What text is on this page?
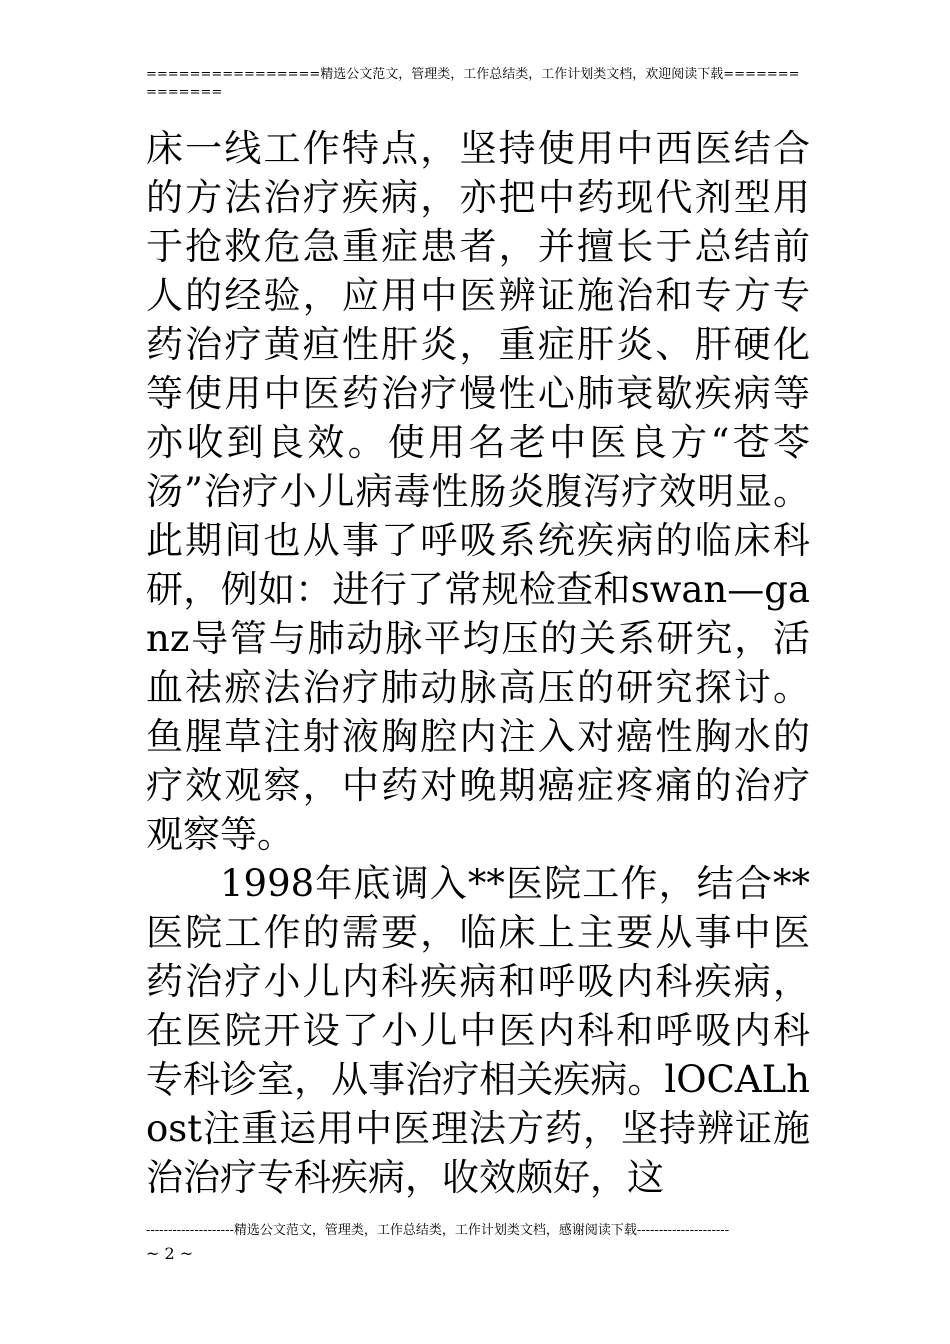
================精选公文范文，管理类，工作总结类，工作计划类文档，欢迎阅读下载==============

床一线工作特点，坚持使用中西医结合的方法治疗疾病，亦把中药现代剂型用于抢救危急重症患者，并擅长于总结前人的经验，应用中医辨证施治和专方专药治疗黄疸性肝炎，重症肝炎、肝硬化等使用中医药治疗慢性心肺衰歇疾病等亦收到良效。使用名老中医良方“苍苓汤”治疗小儿病毒性肠炎腹泻疗效明显。此期间也从事了呼吸系统疾病的临床科研，例如：进行了常规检查和swan—ganz导管与肺动脉平均压的关系研究，活血祛瘀法治疗肺动脉高压的研究探讨。鱼腥草注射液胸腔内注入对癌性胸水的疗效观察，中药对晚期癌症疼痛的治疗观察等。

1998年底调入**医院工作，结合**医院工作的需要，临床上主要从事中医药治疗小儿内科疾病和呼吸内科疾病，在医院开设了小儿中医内科和呼吸内科专科诊室，从事治疗相关疾病。lOCALhost注重运用中医理法方药，坚持辨证施治治疗专科疾病，收效颇好，这

--------------------精选公文范文，管理类，工作总结类，工作计划类文档，感谢阅读下载---------------------
~ 2 ~
